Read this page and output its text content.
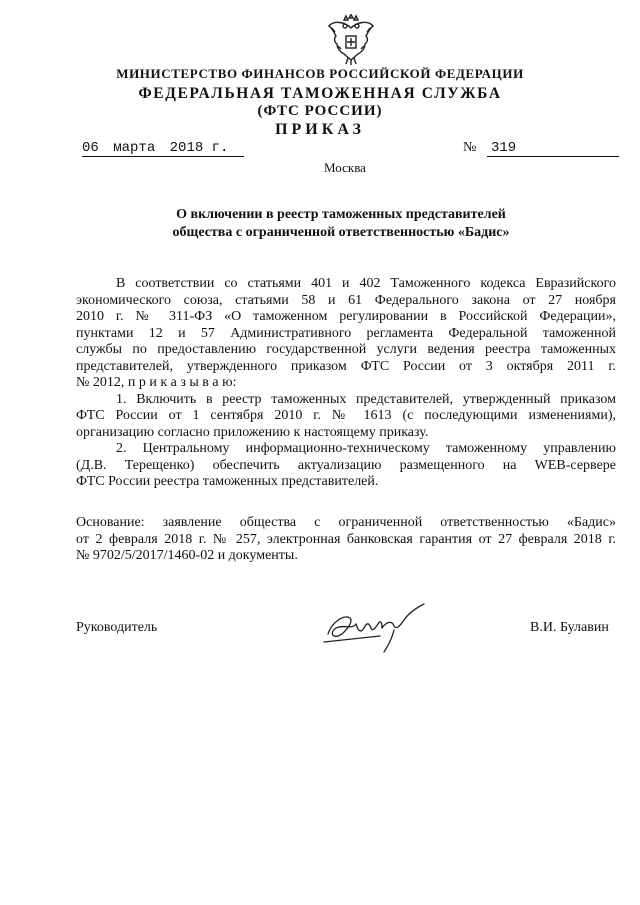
МИНИСТЕРСТВО ФИНАНСОВ РОССИЙСКОЙ ФЕДЕРАЦИИ
ФЕДЕРАЛЬНАЯ ТАМОЖЕННАЯ СЛУЖБА
(ФТС РОССИИ)
ПРИКАЗ
06 марта 2018 г.	№ 319
Москва
О включении в реестр таможенных представителей
общества с ограниченной ответственностью «Бадис»

В соответствии со статьями 401 и 402 Таможенного кодекса Евразийского

экономического союза, статьями 58 и 61 Федерального закона от 27 ноября

2010 г. № 311-ФЗ «О таможенном регулировании в Российской Федерации»,

пунктами 12 и 57 Административного регламента Федеральной таможенной

службы по предоставлению государственной услуги ведения реестра таможенных

представителей, утвержденного приказом ФТС России от 3 октября 2011 г.

№ 2012, п р и к а з ы в а ю:

1. Включить в реестр таможенных представителей, утвержденный приказом

ФТС России от 1 сентября 2010 г. № 1613 (с последующими изменениями),

организацию согласно приложению к настоящему приказу.

2. Центральному информационно-техническому таможенному управлению

(Д.В. Терещенко) обеспечить актуализацию размещенного на WEB-сервере

ФТС России реестра таможенных представителей.

Основание: заявление общества с ограниченной ответственностью «Бадис»

от 2 февраля 2018 г. № 257, электронная банковская гарантия от 27 февраля 2018 г.

№ 9702/5/2017/1460-02 и документы.

Руководитель	В.И. Булавин
